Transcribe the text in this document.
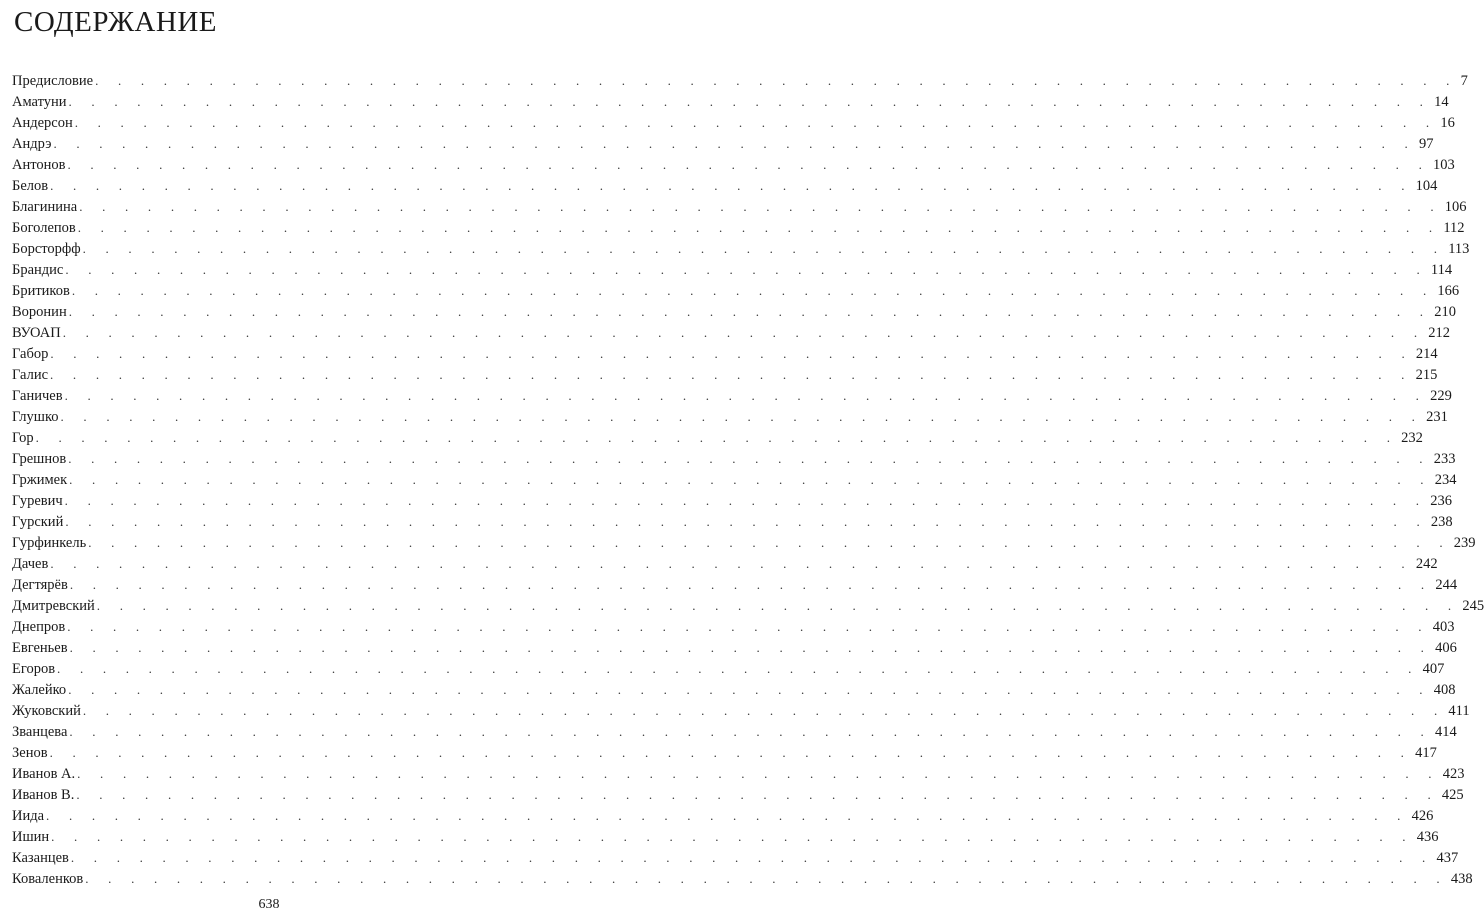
СОДЕРЖАНИЕ
Предисловие . . . . . . . . . . . . . . . . . . . . . . . . . . . . . . . . . . . . . . . . . . . . . . . . . . . . . . . . . . . . 7
Аматуни . . . . . . . . . . . . . . . . . . . . . . . . . . . . . . . . . . . . . . . . . . . . . . . . . . . . . . . . . . . . 14
Андерсон . . . . . . . . . . . . . . . . . . . . . . . . . . . . . . . . . . . . . . . . . . . . . . . . . . . . . . . . . . . . 16
Андрэ . . . . . . . . . . . . . . . . . . . . . . . . . . . . . . . . . . . . . . . . . . . . . . . . . . . . . . . . . . . . 97
Антонов . . . . . . . . . . . . . . . . . . . . . . . . . . . . . . . . . . . . . . . . . . . . . . . . . . . . . . . . . . . . 103
Белов . . . . . . . . . . . . . . . . . . . . . . . . . . . . . . . . . . . . . . . . . . . . . . . . . . . . . . . . . . . . 104
Благинина . . . . . . . . . . . . . . . . . . . . . . . . . . . . . . . . . . . . . . . . . . . . . . . . . . . . . . . . . . . . 106
Боголепов . . . . . . . . . . . . . . . . . . . . . . . . . . . . . . . . . . . . . . . . . . . . . . . . . . . . . . . . . . . . 112
Борсторфф . . . . . . . . . . . . . . . . . . . . . . . . . . . . . . . . . . . . . . . . . . . . . . . . . . . . . . . . . . . . 113
Брандис . . . . . . . . . . . . . . . . . . . . . . . . . . . . . . . . . . . . . . . . . . . . . . . . . . . . . . . . . . . . 114
Бритиков . . . . . . . . . . . . . . . . . . . . . . . . . . . . . . . . . . . . . . . . . . . . . . . . . . . . . . . . . . . . 166
Воронин . . . . . . . . . . . . . . . . . . . . . . . . . . . . . . . . . . . . . . . . . . . . . . . . . . . . . . . . . . . . 210
ВУОАП . . . . . . . . . . . . . . . . . . . . . . . . . . . . . . . . . . . . . . . . . . . . . . . . . . . . . . . . . . . . 212
Габор . . . . . . . . . . . . . . . . . . . . . . . . . . . . . . . . . . . . . . . . . . . . . . . . . . . . . . . . . . . . 214
Галис . . . . . . . . . . . . . . . . . . . . . . . . . . . . . . . . . . . . . . . . . . . . . . . . . . . . . . . . . . . . 215
Ганичев . . . . . . . . . . . . . . . . . . . . . . . . . . . . . . . . . . . . . . . . . . . . . . . . . . . . . . . . . . . . 229
Глушко . . . . . . . . . . . . . . . . . . . . . . . . . . . . . . . . . . . . . . . . . . . . . . . . . . . . . . . . . . . . 231
Гор . . . . . . . . . . . . . . . . . . . . . . . . . . . . . . . . . . . . . . . . . . . . . . . . . . . . . . . . . . . . 232
Грешнов . . . . . . . . . . . . . . . . . . . . . . . . . . . . . . . . . . . . . . . . . . . . . . . . . . . . . . . . . . . . 233
Гржимек . . . . . . . . . . . . . . . . . . . . . . . . . . . . . . . . . . . . . . . . . . . . . . . . . . . . . . . . . . . . 234
Гуревич . . . . . . . . . . . . . . . . . . . . . . . . . . . . . . . . . . . . . . . . . . . . . . . . . . . . . . . . . . . . 236
Гурский . . . . . . . . . . . . . . . . . . . . . . . . . . . . . . . . . . . . . . . . . . . . . . . . . . . . . . . . . . . . 238
Гурфинкель . . . . . . . . . . . . . . . . . . . . . . . . . . . . . . . . . . . . . . . . . . . . . . . . . . . . . . . . . . . . 239
Дачев . . . . . . . . . . . . . . . . . . . . . . . . . . . . . . . . . . . . . . . . . . . . . . . . . . . . . . . . . . . . 242
Дегтярёв . . . . . . . . . . . . . . . . . . . . . . . . . . . . . . . . . . . . . . . . . . . . . . . . . . . . . . . . . . . . 244
Дмитревский . . . . . . . . . . . . . . . . . . . . . . . . . . . . . . . . . . . . . . . . . . . . . . . . . . . . . . . . . . . . 245
Днепров . . . . . . . . . . . . . . . . . . . . . . . . . . . . . . . . . . . . . . . . . . . . . . . . . . . . . . . . . . . . 403
Евгеньев . . . . . . . . . . . . . . . . . . . . . . . . . . . . . . . . . . . . . . . . . . . . . . . . . . . . . . . . . . . . 406
Егоров . . . . . . . . . . . . . . . . . . . . . . . . . . . . . . . . . . . . . . . . . . . . . . . . . . . . . . . . . . . . 407
Жалейко . . . . . . . . . . . . . . . . . . . . . . . . . . . . . . . . . . . . . . . . . . . . . . . . . . . . . . . . . . . . 408
Жуковский . . . . . . . . . . . . . . . . . . . . . . . . . . . . . . . . . . . . . . . . . . . . . . . . . . . . . . . . . . . . 411
Званцева . . . . . . . . . . . . . . . . . . . . . . . . . . . . . . . . . . . . . . . . . . . . . . . . . . . . . . . . . . . . 414
Зенов . . . . . . . . . . . . . . . . . . . . . . . . . . . . . . . . . . . . . . . . . . . . . . . . . . . . . . . . . . . . 417
Иванов А. . . . . . . . . . . . . . . . . . . . . . . . . . . . . . . . . . . . . . . . . . . . . . . . . . . . . . . . . . . . . 423
Иванов В. . . . . . . . . . . . . . . . . . . . . . . . . . . . . . . . . . . . . . . . . . . . . . . . . . . . . . . . . . . . . 425
Иида . . . . . . . . . . . . . . . . . . . . . . . . . . . . . . . . . . . . . . . . . . . . . . . . . . . . . . . . . . . . 426
Ишин . . . . . . . . . . . . . . . . . . . . . . . . . . . . . . . . . . . . . . . . . . . . . . . . . . . . . . . . . . . . 436
Казанцев . . . . . . . . . . . . . . . . . . . . . . . . . . . . . . . . . . . . . . . . . . . . . . . . . . . . . . . . . . . . 437
Коваленков . . . . . . . . . . . . . . . . . . . . . . . . . . . . . . . . . . . . . . . . . . . . . . . . . . . . . . . . . . . . 438
638
